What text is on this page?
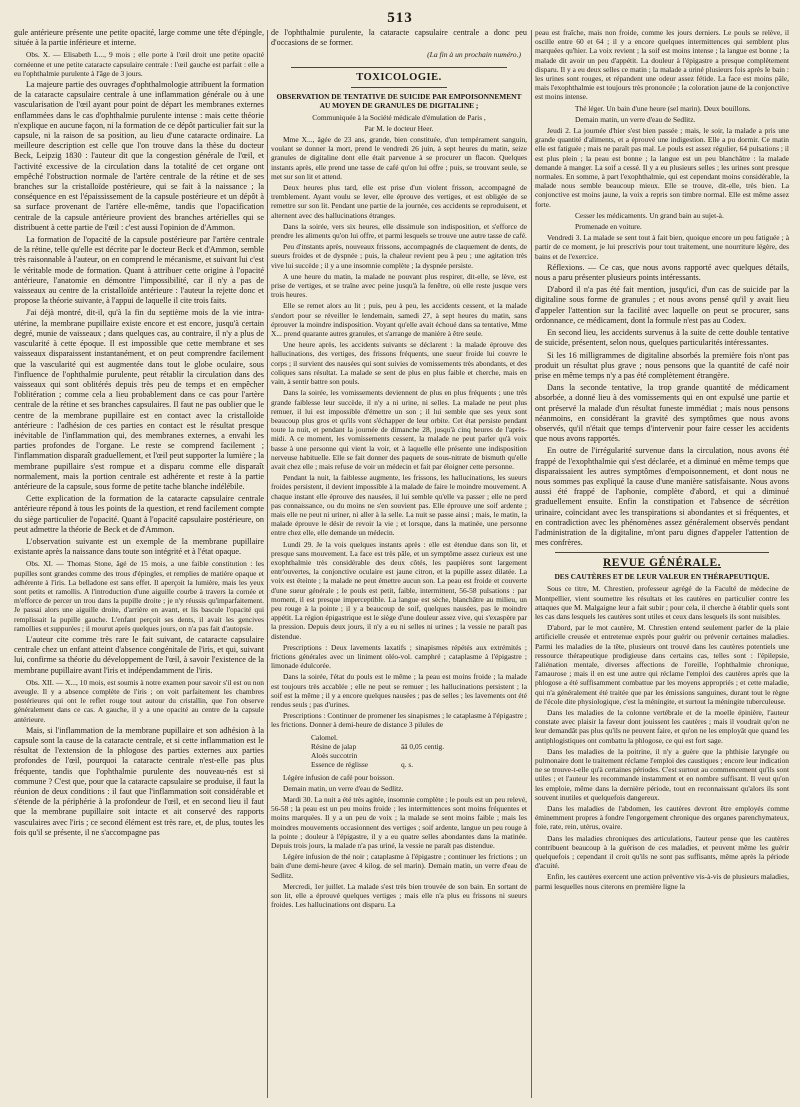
513

gule antérieure présente une petite opacité, large comme une tête d'épingle, située à la partie inférieure et interne.

Obs. X. — Elisabeth L..., 9 mois ; elle porte à l'œil droit une petite opacité cornéenne et une petite cataracte capsulaire centrale : l'œil gauche est parfait : elle a eu l'ophthalmie purulente à l'âge de 3 jours.

La majeure partie des ouvrages d'ophthalmologie attribuent la formation de la cataracte capsulaire centrale à une inflammation générale ou à une vascularisation de l'œil ayant pour point de départ les membranes externes enflammées dans le cas d'ophthalmie purulente intense : mais cette théorie n'explique en aucune façon, ni la formation de ce dépôt particulier fait sur la capsule, ni la raison de sa position, au lieu d'une cataracte ordinaire. La meilleure description est celle que l'on trouve dans la thèse du docteur Beck, Leipzig 1830 : l'auteur dit que la congestion générale de l'œil, et l'activité excessive de la circulation dans la totalité de cet organe ont empêché l'obstruction normale de l'artère centrale de la rétine et de ses branches sur la cristalloïde postérieure, qui se fait à la naissance ; la conséquence en est l'épaississement de la capsule postérieure et un dépôt à sa surface provenant de l'artère elle-même, tandis que l'opacification centrale de la capsule antérieure provient des branches artérielles qui se distribuent à cette partie de l'œil : c'est aussi l'opinion de d'Ammon.

La formation de l'opacité de la capsule postérieure par l'artère centrale de la rétine, telle qu'elle est décrite par le docteur Beck et d'Ammon, semble très raisonnable à l'auteur, on en comprend le mécanisme, et suivant lui c'est le véritable mode de formation. Quant à attribuer cette origine à l'opacité antérieure, l'anatomie en démontre l'impossibilité, car il n'y a pas de vaisseaux au centre de la cristalloïde antérieure : l'auteur la rejette donc et propose la théorie suivante, à l'appui de laquelle il cite trois faits.

J'ai déjà montré, dit-il, qu'à la fin du septième mois de la vie intra-utérine, la membrane pupillaire existe encore et est encore, jusqu'à certain degré, munie de vaisseaux ; dans quelques cas, au contraire, il n'y a plus de vascularité à cette époque. Il est impossible que cette membrane et ses vaisseaux disparaissent instantanément, et on peut comprendre facilement que la vascularité qui est augmentée dans tout le globe oculaire, sous l'influence de l'ophthalmie purulente, peut rétablir la circulation dans des vaisseaux qui sont oblitérés depuis très peu de temps et en empêcher l'oblitération ; comme cela a lieu probablement dans ce cas pour l'artère centrale de la rétine et ses branches capsulaires. Il faut ne pas oublier que le centre de la membrane pupillaire est en contact avec la cristalloïde antérieure : l'adhésion de ces parties en contact est le résultat presque inévitable de l'inflammation qui, des membranes externes, a envahi les parties profondes de l'organe. Le reste se comprend facilement ; l'inflammation disparaît graduellement, et l'œil peut supporter la lumière ; la membrane pupillaire s'est rompue et a disparu comme elle disparaît normalement, mais la portion centrale est adhérente et reste à la partie antérieure de la capsule, sous forme de petite tache blanche indélébile.

Cette explication de la formation de la cataracte capsulaire centrale antérieure répond à tous les points de la question, et rend facilement compte du siège particulier de l'opacité. Quant à l'opacité capsulaire postérieure, on peut admettre la théorie de Beck et de d'Ammon.

L'observation suivante est un exemple de la membrane pupillaire existante après la naissance dans toute son intégrité et à l'état opaque.

Obs. XI. — Thomas Stone, âgé de 15 mois, a une faible constitution : les pupilles sont grandes comme des trous d'épingles, et remplies de matière opaque et adhérente à l'iris. La belladone est sans effet. Il aperçoit la lumière, mais les yeux sont petits et ramollis. A l'introduction d'une aiguille courbe à travers la cornée et m'efforce de percer un trou dans la pupille droite ; je n'y réussis qu'imparfaitement. Je passai alors une aiguille droite, d'arrière en avant, et lis bascule l'opacité qui remplissait la pupille gauche. L'enfant perçoit ses dents, il avait les gencives ramollies et suppurées ; il mourut après quelques jours, on n'a pas fait d'autopsie.

L'auteur cite comme très rare le fait suivant, de cataracte capsulaire centrale chez un enfant atteint d'absence congénitale de l'iris, et qui, suivant lui, confirme sa théorie du développement de l'œil, à savoir l'existence de la membrane pupillaire avant l'iris et indépendamment de l'iris.

Obs. XII. — X..., 10 mois, est soumis à notre examen pour savoir s'il est ou non aveugle. Il y a absence complète de l'iris ; on voit parfaitement les chambres postérieures qui ont le reflet rouge tout autour du cristallin, que l'on observe généralement dans ce cas. A gauche, il y a une opacité au centre de la capsule antérieure.

Mais, si l'inflammation de la membrane pupillaire et son adhésion à la capsule sont la cause de la cataracte centrale, et si cette inflammation est le résultat de l'extension de la phlogose des parties externes aux parties profondes de l'œil, pourquoi la cataracte centrale n'est-elle pas plus fréquente, tandis que l'ophthalmie purulente des nouveau-nés est si commune ? C'est que, pour que la cataracte capsulaire se produise, il faut la réunion de deux conditions : il faut que l'inflammation soit considérable et s'étende de la périphérie à la profondeur de l'œil, et en second lieu il faut que la membrane pupillaire soit intacte et ait conservé des rapports vasculaires avec l'iris ; ce second élément est très rare, et, de plus, toutes les fois qu'il se présente, il ne s'accompagne pas

de l'ophthalmie purulente, la cataracte capsulaire centrale a donc peu d'occasions de se former.

(La fin à un prochain numéro.)

TOXICOLOGIE.

OBSERVATION DE TENTATIVE DE SUICIDE PAR EMPOISONNEMENT AU MOYEN DE GRANULES DE DIGITALINE ;

Communiquée à la Société médicale d'émulation de Paris ,

Par M. le docteur Heer.

Mme X..., âgée de 23 ans, grande, bien constituée, d'un tempérament sanguin, voulant se donner la mort, prend le vendredi 26 juin, à sept heures du matin, seize granules de digitaline dont elle était parvenue à se procurer un flacon. Quelques instants après, elle prend une tasse de café qu'on lui offre ; puis, se trouvant seule, se met sur son lit et attend.

Deux heures plus tard, elle est prise d'un violent frisson, accompagné de tremblement. Ayant voulu se lever, elle éprouve des vertiges, et est obligée de se remettre sur son lit. Pendant une partie de la journée, ces accidents se reproduisent, et alternent avec des hallucinations étranges.

Dans la soirée, vers six heures, elle dissimule son indisposition, et s'efforce de prendre les aliments qu'on lui offre, et parmi lesquels se trouve une autre tasse de café.

Peu d'instants après, nouveaux frissons, accompagnés de claquement de dents, de sueurs froides et de dyspnée ; puis, la chaleur revient peu à peu ; une agitation très vive lui succède ; il y a une insomnie complète ; la dyspnée persiste.

A une heure du matin, la malade ne pouvant plus respirer, dit-elle, se lève, est prise de vertiges, et se traîne avec peine jusqu'à la fenêtre, où elle reste jusque vers trois heures.

Elle se remet alors au lit ; puis, peu à peu, les accidents cessent, et la malade s'endort pour se réveiller le lendemain, samedi 27, à sept heures du matin, sans éprouver la moindre indisposition. Voyant qu'elle avait échoué dans sa tentative, Mme X... prend quarante autres granules, et s'arrange de manière à être seule.

Une heure après, les accidents suivants se déclarent : la malade éprouve des hallucinations, des vertiges, des frissons fréquents, une sueur froide lui couvre le corps ; il survient des nausées qui sont suivies de vomissements très abondants, et des coliques sans résultat. La malade se sent de plus en plus faible et cherche, mais en vain, à sentir battre son pouls.

Dans la soirée, les vomissements deviennent de plus en plus fréquents ; une très grande faiblesse leur succède, il n'y a ni urine, ni selles. La malade ne peut plus remuer, il lui est impossible d'émettre un son ; il lui semble que ses yeux sont beaucoup plus gros et qu'ils vont s'échapper de leur orbite. Cet état persiste pendant toute la nuit, et pendant la journée de dimanche 28, jusqu'à cinq heures de l'après-midi. A ce moment, les vomissements cessent, la malade ne peut parler qu'à voix basse à une personne qui vient la voir, et à laquelle elle présente une indisposition nerveuse habituelle. Elle se fait donner des paquets de sous-nitrate de bismuth qu'elle avait chez elle ; mais refuse de voir un médecin et fait par éloigner cette personne.

Pendant la nuit, la faiblesse augmente, les frissons, les hallucinations, les sueurs froides persistent, il devient impossible à la malade de faire le moindre mouvement. A chaque instant elle éprouve des nausées, il lui semble qu'elle va passer ; elle ne perd pas connaissance, ou du moins ne s'en souvient pas. Elle éprouve une soif ardente ; mais elle ne peut ni uriner, ni aller à la selle. La nuit se passe ainsi ; mais, le matin, la malade éprouve le désir de revoir la vie ; et lorsque, dans la matinée, une personne entre chez elle, elle demande un médecin.

Lundi 29. Je la vois quelques instants après : elle est étendue dans son lit, et presque sans mouvement. La face est très pâle, et un symptôme assez curieux est une exophthalmie très considérable des deux côtés, les paupières sont largement entr'ouvertes, la conjonctive oculaire est jaune citron, et la pupille assez dilatée. La voix est éteinte ; la malade ne peut émettre aucun son. La peau est froide et couverte d'une sueur générale ; le pouls est petit, faible, intermittent, 56-58 pulsations : par moment, il est presque imperceptible. La langue est sèche, blanchâtre au milieu, un peu rouge à la pointe ; il y a beaucoup de soif, quelques nausées, pas le moindre appétit. La région épigastrique est le siège d'une douleur assez vive, qui s'exaspère par la pression. Depuis deux jours, il n'y a eu ni selles ni urines ; la vessie ne paraît pas distendue.

Prescriptions : Deux lavements laxatifs ; sinapismes répétés aux extrémités ; frictions générales avec un liniment oléo-vol. camphré ; cataplasme à l'épigastre ; limonade édulcorée.

Dans la soirée, l'état du pouls est le même ; la peau est moins froide ; la malade est toujours très accablée ; elle ne peut se remuer ; les hallucinations persistent ; la soif est la même ; il y a encore quelques nausées ; pas de selles ; les lavements ont été rendus seuls ; pas d'urines.

Prescriptions : Continuer de promener les sinapismes ; le cataplasme à l'épigastre ; les frictions. Donner à demi-heure de distance 3 pilules de

Calomel.
Résine de jalap	āā 0,05 centig.
Aloès succotrin
Essence de réglisse	q. s.

Légère infusion de café pour boisson.

Demain matin, un verre d'eau de Sedlitz.

Mardi 30. La nuit a été très agitée, insomnie complète ; le pouls est un peu relevé, 56-58 ; la peau est un peu moins froide ; les intermittences sont moins fréquentes et moins marquées. Il y a un peu de voix ; la malade se sent moins faible ; mais les moindres mouvements occasionnent des vertiges ; soif ardente, langue un peu rouge à la pointe ; douleur à l'épigastre, il y a eu quatre selles abondantes dans la matinée. Depuis trois jours, la malade n'a pas uriné, la vessie ne paraît pas distendue.

Légère infusion de thé noir ; cataplasme à l'épigastre ; continuer les frictions ; un bain d'une demi-heure (avec 4 kilog. de sel marin). Demain matin, un verre d'eau de Sedlitz.

Mercredi, 1er juillet. La malade s'est très bien trouvée de son bain. En sortant de son lit, elle a éprouvé quelques vertiges ; mais elle n'a plus eu frissons ni sueurs froides. Les hallucinations ont disparu. La

peau est fraîche, mais non froide, comme les jours derniers. Le pouls se relève, il oscille entre 60 et 64 ; il y a encore quelques intermittences qui semblent plus marquées qu'hier. La voix revient ; la soif est moins intense ; la langue est bonne ; la malade dit avoir un peu d'appétit. La douleur à l'épigastre a presque complètement disparu. Il y a eu deux selles ce matin ; la malade a uriné plusieurs fois après le bain : les urines sont rouges, et répandent une odeur assez fétide. La face est moins pâle, mais l'exophthalmie est toujours très prononcée ; la coloration jaune de la conjonctive est moins intense.

Thé léger. Un bain d'une heure (sel marin). Deux bouillons.

Demain matin, un verre d'eau de Sedlitz.

Jeudi 2. La journée d'hier s'est bien passée ; mais, le soir, la malade a pris une grande quantité d'aliments, et a éprouvé une indigestion. Elle a pu dormir. Ce matin elle est fatiguée ; mais ne paraît pas mal. Le pouls est assez régulier, 64 pulsations ; il est plus plein ; la peau est bonne ; la langue est un peu blanchâtre : la malade demande à manger. La soif a cessé. Il y a eu plusieurs selles ; les urines sont presque normales. En somme, à part l'exophthalmie, qui est cependant moins considérable, la malade nous semble beaucoup mieux. Elle se trouve, dit-elle, très bien. La conjonctive est moins jaune, la voix a repris son timbre normal. Elle est même assez forte.

Cesser les médicaments. Un grand bain au sujet-à.

Promenade en voiture.

Vendredi 3. La malade se sent tout à fait bien, quoique encore un peu fatiguée ; à partir de ce moment, je lui prescrivis pour tout traitement, une nourriture légère, des bains et de l'exercice.

Réflexions. — Ce cas, que nous avons rapporté avec quelques détails, nous a paru présenter plusieurs points intéressants.

D'abord il n'a pas été fait mention, jusqu'ici, d'un cas de suicide par la digitaline sous forme de granules ; et nous avons pensé qu'il y avait lieu d'appeler l'attention sur la facilité avec laquelle on peut se procurer, sans ordonnance, ce médicament, dont la formule n'est pas au Codex.

En second lieu, les accidents survenus à la suite de cette double tentative de suicide, présentent, selon nous, quelques particularités intéressantes.

Si les 16 milligrammes de digitaline absorbés la première fois n'ont pas produit un résultat plus grave ; nous pensons que la quantité de café noir prise en même temps n'y a pas été complètement étrangère.

Dans la seconde tentative, la trop grande quantité de médicament absorbée, a donné lieu à des vomissements qui en ont expulsé une partie et ont préservé la malade d'un résultat funeste immédiat ; mais nous pensons néanmoins, en considérant la gravité des symptômes que nous avons observés, qu'il n'était que temps d'intervenir pour faire cesser les accidents que nous avons rapportés.

En outre de l'irrégularité survenue dans la circulation, nous avons été frappé de l'exophthalmie qui s'est déclarée, et a diminué en même temps que disparaissaient les autres symptômes d'empoisonnement, et dont nous ne nous sommes pas expliqué la cause d'une manière satisfaisante. Nous avons aussi été frappé de l'aphonie, complète d'abord, et qui a diminué graduellement ensuite. Enfin la constipation et l'absence de sécrétion urinaire, coïncidant avec les transpirations si abondantes et si fréquentes, et en contradiction avec les phénomènes assez généralement observés pendant l'administration de la digitaline, m'ont paru dignes d'appeler l'attention de mes confrères.

REVUE GÉNÉRALE.

DES CAUTÈRES ET DE LEUR VALEUR EN THÉRAPEUTIQUE.

Sous ce titre, M. Chrestien, professeur agrégé de la Faculté de médecine de Montpellier, vient soumettre les résultats et les cautères en particulier contre les attaques que M. Malgaigne leur a fait subir ; pour cela, il cherche à établir quels sont les cas dans lesquels les cautères sont utiles et ceux dans lesquels ils sont nuisibles.

D'abord, par le mot cautère, M. Chrestien entend seulement parler de la plaie artificielle creusée et entretenue exprès pour guérir ou prévenir certaines maladies. Parmi les maladies de la tête, plusieurs ont trouvé dans les cautères potentiels une ressource thérapeutique prodigieuse dans certains cas, telles sont : l'épilepsie, l'aliénation mentale, diverses affections de l'oreille, l'ophthalmie chronique, l'amaurose ; mais il en est une autre qui réclame l'emploi des cautères après que la phlogose a été suffisamment combattue par les moyens appropriés ; et cette maladie, qui n'a généralement été traitée que par les émissions sanguines, durant tout le règne de l'école dite physiologique, c'est la méningite, et surtout la méningite tuberculeuse.

Dans les maladies de la colonne vertébrale et de la moelle épinière, l'auteur constate avec plaisir la faveur dont jouissent les cautères ; mais il voudrait qu'on ne leur demandât pas plus qu'ils ne peuvent faire, et qu'on ne les employât que quand les antiphlogistiques ont combattu la phlogose, ce qui est fort sage.

Dans les maladies de la poitrine, il n'y a guère que la phthisie laryngée ou pulmonaire dont le traitement réclame l'emploi des caustiques ; encore leur indication ne se trouve-t-elle qu'à certaines périodes. C'est surtout au commencement qu'ils sont utiles ; et l'auteur les recommande instamment et en nombre suffisant. Il veut qu'on les emploie, même dans la dernière période, tout en reconnaissant qu'alors ils sont souvent inutiles et quelquefois dangereux.

Dans les maladies de l'abdomen, les cautères devront être employés comme éminemment propres à fondre l'engorgement chronique des organes parenchymateux, foie, rate, rein, utérus, ovaire.

Dans les maladies chroniques des articulations, l'auteur pense que les cautères contribuent beaucoup à la guérison de ces maladies, et peuvent même les guérir quelquefois ; cependant il croit qu'ils ne sont pas suffisants, même après la période d'acuité.

Enfin, les cautères exercent une action préventive vis-à-vis de plusieurs maladies, parmi lesquelles nous citerons en première ligne la
